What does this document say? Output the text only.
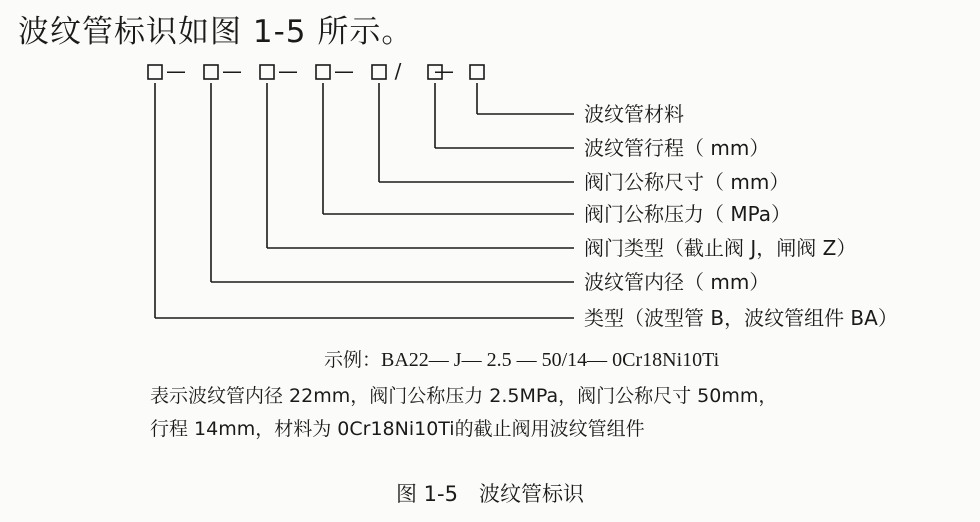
波纹管标识如图 1-5 所示。
— — — — / —
波纹管材料
波纹管行程（ mm）
阀门公称尺寸（ mm）
阀门公称压力（ MPa）
阀门类型（截止阀 J，闸阀 Z）
波纹管内径（ mm）
类型（波型管 B，波纹管组件 BA）
示例：BA22— J— 2.5 — 50/14— 0Cr18Ni10Ti
表示波纹管内径 22mm，阀门公称压力 2.5MPa，阀门公称尺寸 50mm，
行程 14mm，材料为 0Cr18Ni10Ti的截止阀用波纹管组件
图 1-5　波纹管标识
